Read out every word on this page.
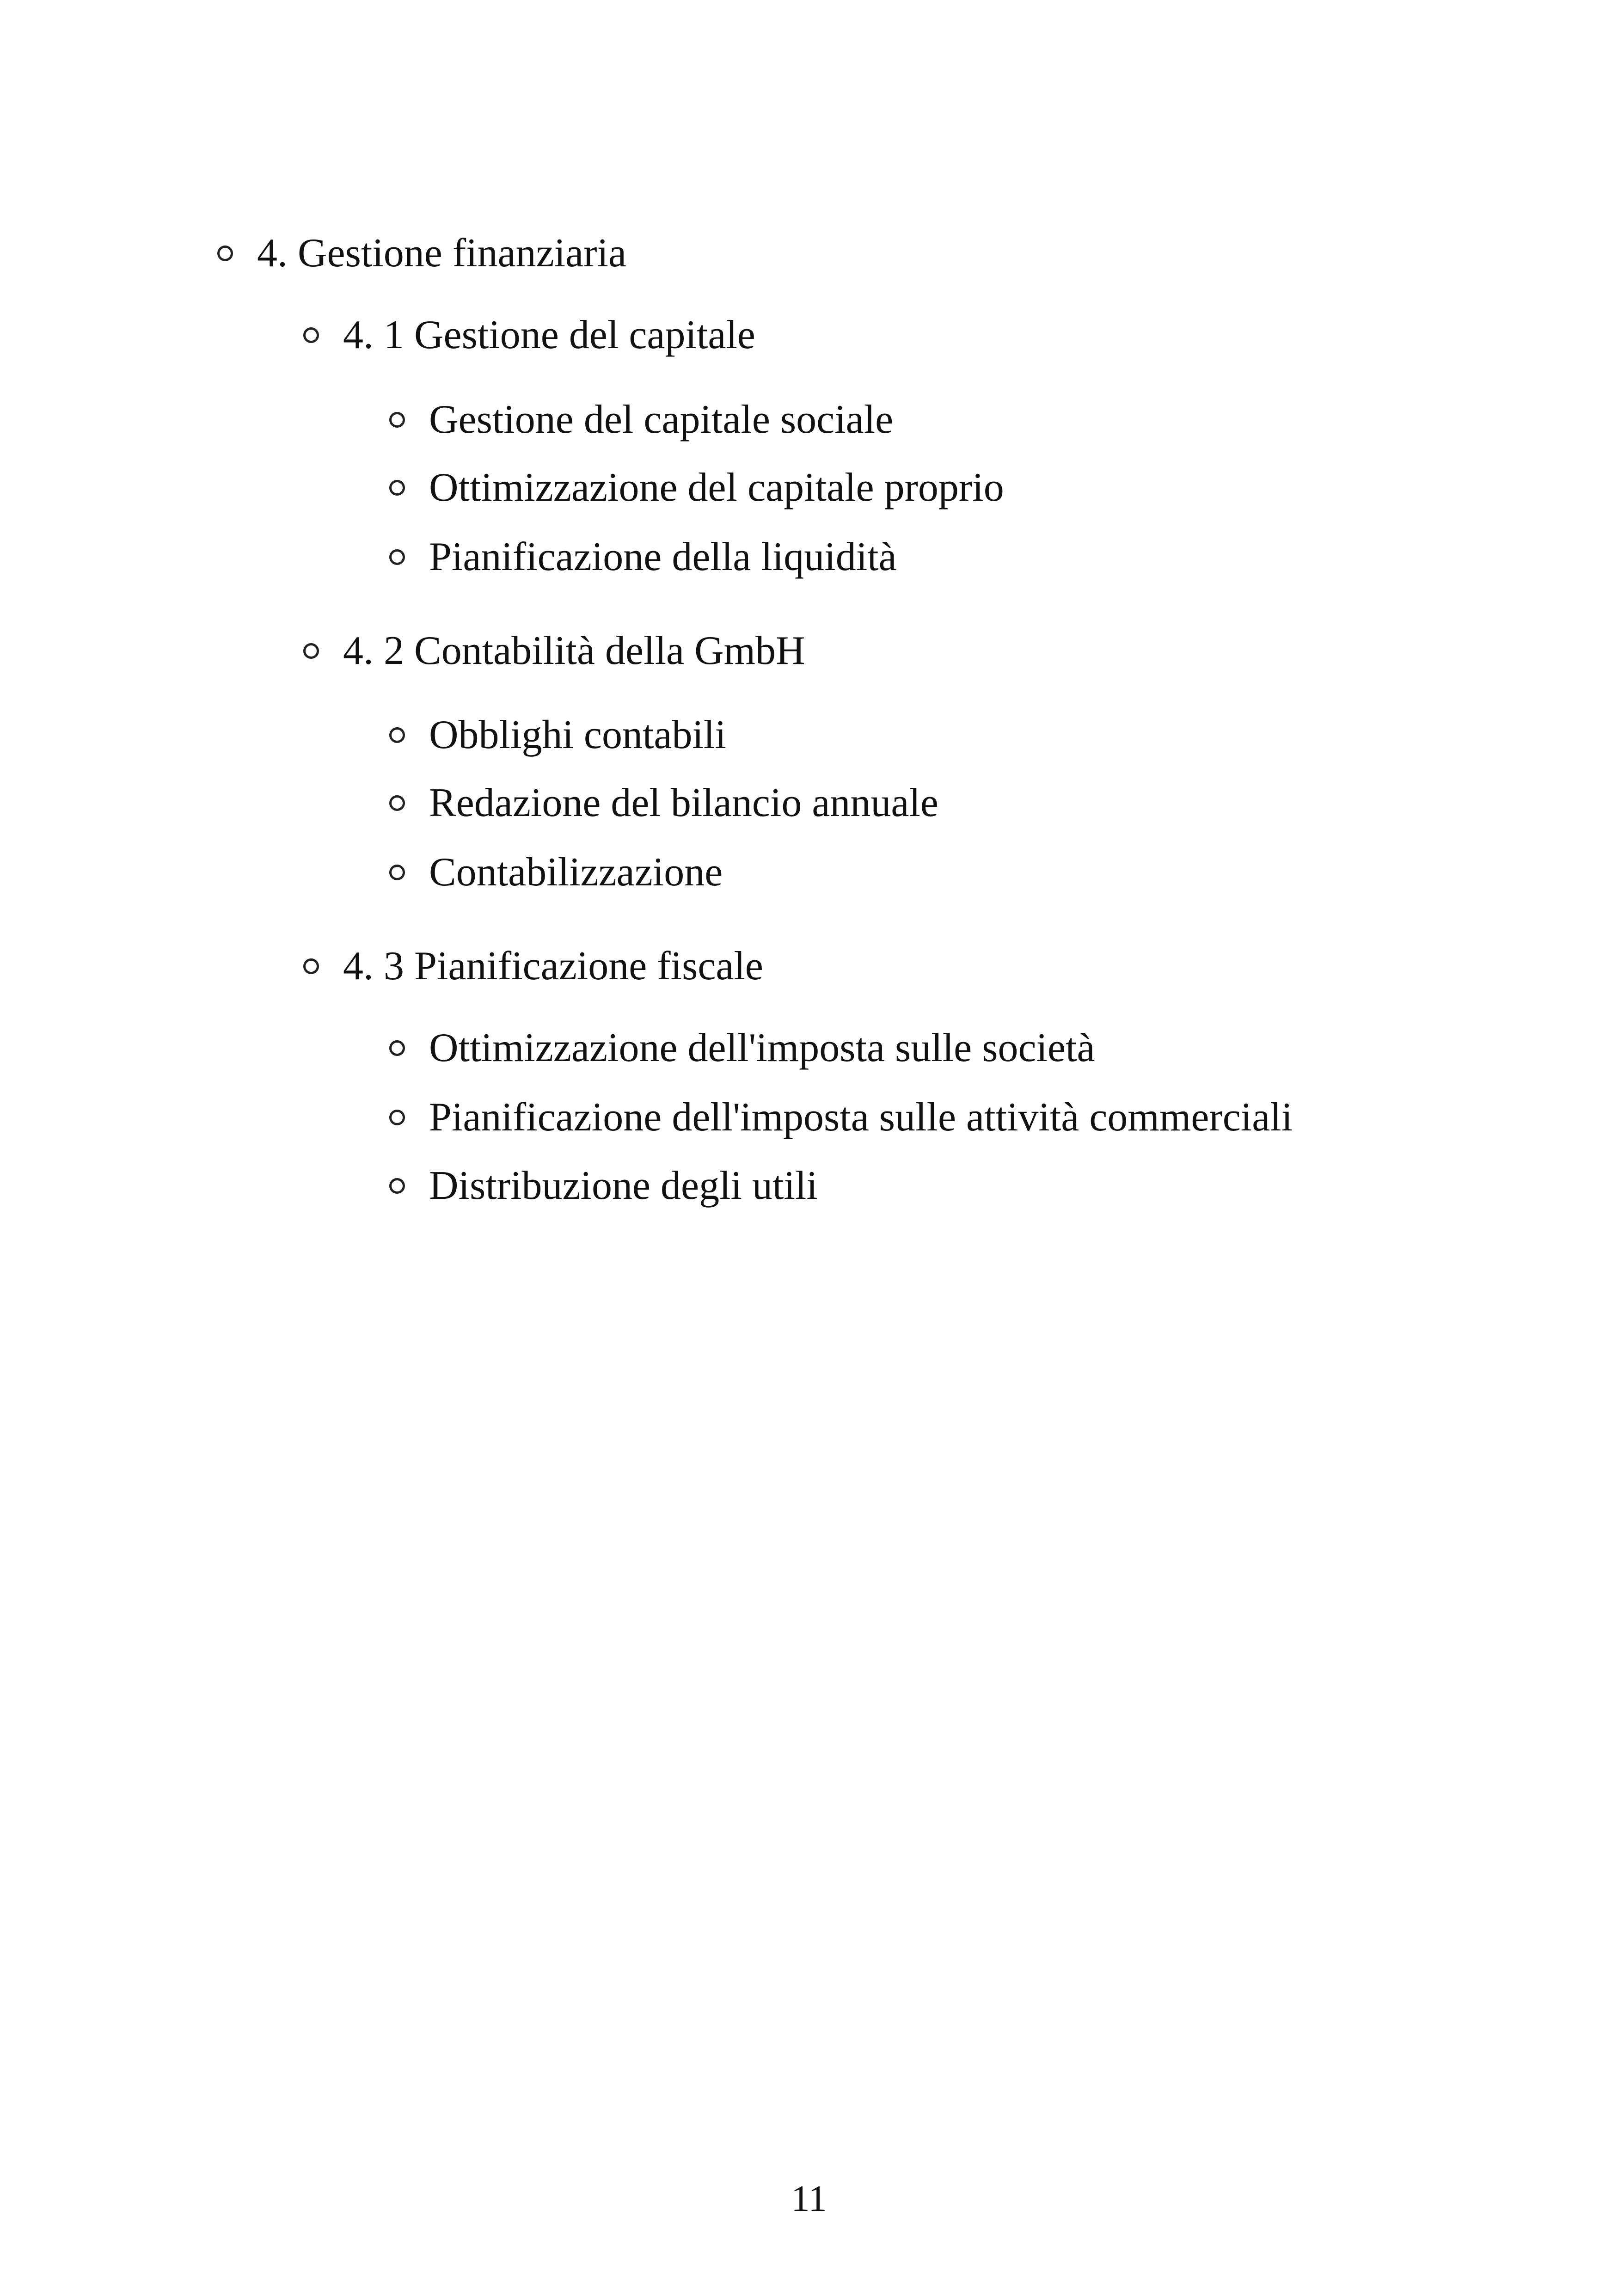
4. Gestione finanziaria
4. 1 Gestione del capitale
Gestione del capitale sociale
Ottimizzazione del capitale proprio
Pianificazione della liquidità
4. 2 Contabilità della GmbH
Obblighi contabili
Redazione del bilancio annuale
Contabilizzazione
4. 3 Pianificazione fiscale
Ottimizzazione dell'imposta sulle società
Pianificazione dell'imposta sulle attività commerciali
Distribuzione degli utili
11
